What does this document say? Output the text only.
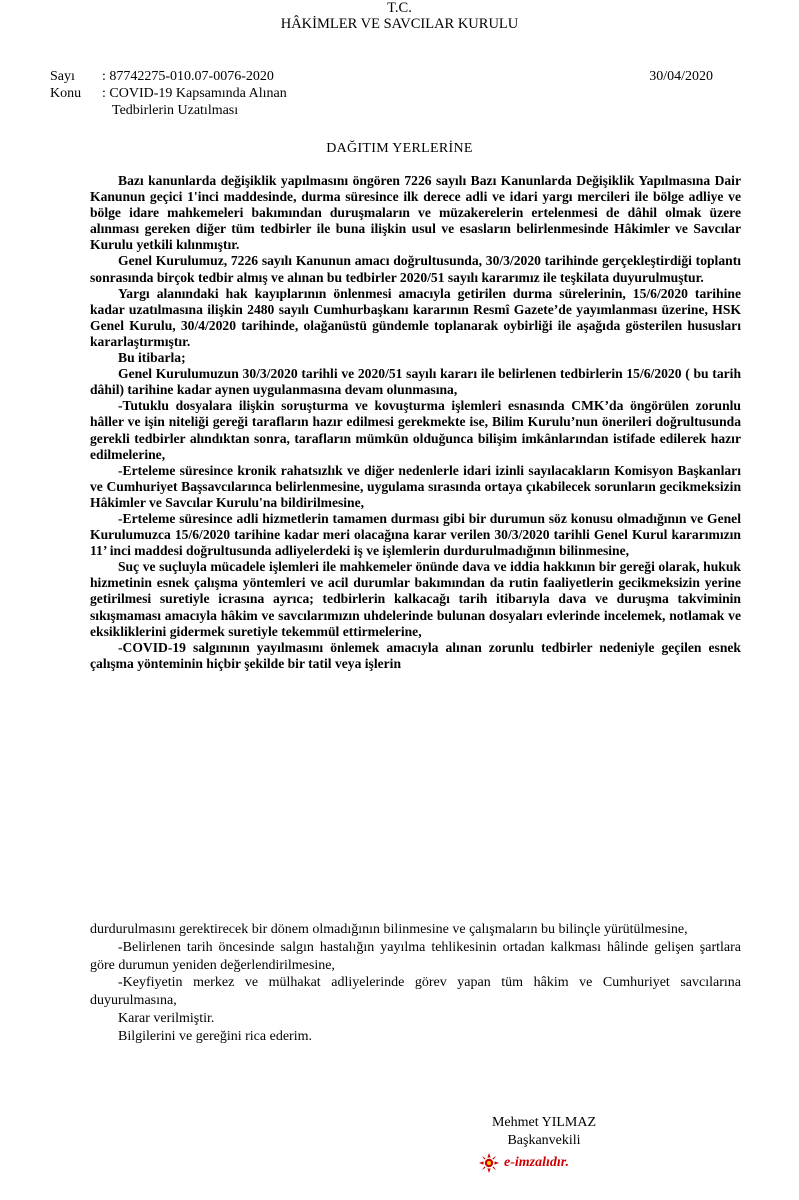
T.C.
HÂKİMLER VE SAVCILAR KURULU
Sayı	: 87742275-010.07-0076-2020
Konu	: COVID-19 Kapsamında Alınan
Tedbirlerin Uzatılması
30/04/2020
DAĞITIM YERLERİNE

Bazı kanunlarda değişiklik yapılmasını öngören 7226 sayılı Bazı Kanunlarda Değişiklik Yapılmasına Dair Kanunun geçici 1'inci maddesinde, durma süresince ilk derece adli ve idari yargı mercileri ile bölge adliye ve bölge idare mahkemeleri bakımından duruşmaların ve müzakerelerin ertelenmesi de dâhil olmak üzere alınması gereken diğer tüm tedbirler ile buna ilişkin usul ve esasların belirlenmesinde Hâkimler ve Savcılar Kurulu yetkili kılınmıştır.

Genel Kurulumuz, 7226 sayılı Kanunun amacı doğrultusunda, 30/3/2020 tarihinde gerçekleştirdiği toplantı sonrasında birçok tedbir almış ve alınan bu tedbirler 2020/51 sayılı kararımız ile teşkilata duyurulmuştur.

Yargı alanındaki hak kayıplarının önlenmesi amacıyla getirilen durma sürelerinin, 15/6/2020 tarihine kadar uzatılmasına ilişkin 2480 sayılı Cumhurbaşkanı kararının Resmî Gazete’de yayımlanması üzerine, HSK Genel Kurulu, 30/4/2020 tarihinde, olağanüstü gündemle toplanarak oybirliği ile aşağıda gösterilen hususları kararlaştırmıştır.

Bu itibarla;

Genel Kurulumuzun 30/3/2020 tarihli ve 2020/51 sayılı kararı ile belirlenen tedbirlerin 15/6/2020 ( bu tarih dâhil) tarihine kadar aynen uygulanmasına devam olunmasına,

-Tutuklu dosyalara ilişkin soruşturma ve kovuşturma işlemleri esnasında CMK’da öngörülen zorunlu hâller ve işin niteliği gereği tarafların hazır edilmesi gerekmekte ise, Bilim Kurulu’nun önerileri doğrultusunda gerekli tedbirler alındıktan sonra, tarafların mümkün olduğunca bilişim imkânlarından istifade edilerek hazır edilmelerine,

-Erteleme süresince kronik rahatsızlık ve diğer nedenlerle idari izinli sayılacakların Komisyon Başkanları ve Cumhuriyet Başsavcılarınca belirlenmesine, uygulama sırasında ortaya çıkabilecek sorunların gecikmeksizin Hâkimler ve Savcılar Kurulu'na bildirilmesine,

-Erteleme süresince adli hizmetlerin tamamen durması gibi bir durumun söz konusu olmadığının ve Genel Kurulumuzca 15/6/2020 tarihine kadar meri olacağına karar verilen 30/3/2020 tarihli Genel Kurul kararımızın 11’ inci maddesi doğrultusunda adliyelerdeki iş ve işlemlerin durdurulmadığının bilinmesine,

Suç ve suçluyla mücadele işlemleri ile mahkemeler önünde dava ve iddia hakkının bir gereği olarak, hukuk hizmetinin esnek çalışma yöntemleri ve acil durumlar bakımından da rutin faaliyetlerin gecikmeksizin yerine getirilmesi suretiyle icrasına ayrıca; tedbirlerin kalkacağı tarih itibarıyla dava ve duruşma takviminin sıkışmaması amacıyla hâkim ve savcılarımızın uhdelerinde bulunan dosyaları evlerinde incelemek, notlamak ve eksikliklerini gidermek suretiyle tekemmül ettirmelerine,

-COVID-19 salgınının yayılmasını önlemek amacıyla alınan zorunlu tedbirler nedeniyle geçilen esnek çalışma yönteminin hiçbir şekilde bir tatil veya işlerin

durdurulmasını gerektirecek bir dönem olmadığının bilinmesine ve çalışmaların bu bilinçle yürütülmesine,

-Belirlenen tarih öncesinde salgın hastalığın yayılma tehlikesinin ortadan kalkması hâlinde gelişen şartlara göre durumun yeniden değerlendirilmesine,

-Keyfiyetin merkez ve mülhakat adliyelerinde görev yapan tüm hâkim ve Cumhuriyet savcılarına duyurulmasına,

Karar verilmiştir.

Bilgilerini ve gereğini rica ederim.

Mehmet YILMAZ
Başkanvekili
e-imzalıdır.
